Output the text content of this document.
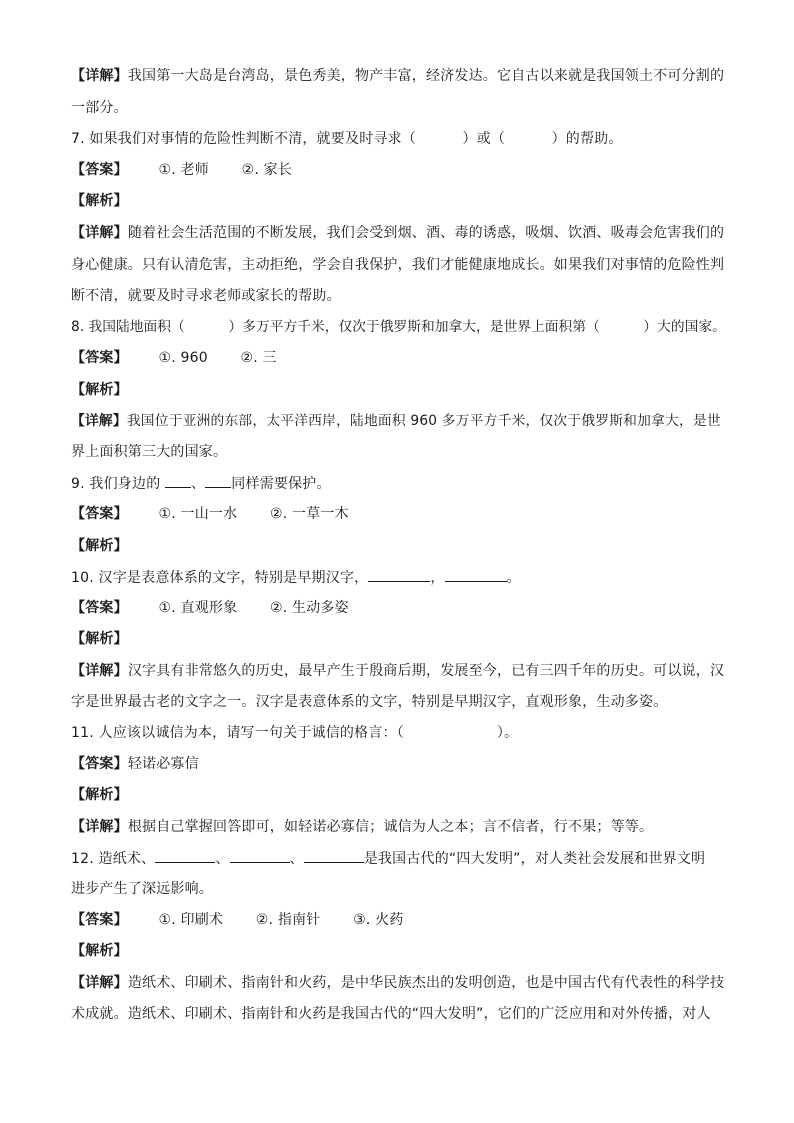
【详解】我国第一大岛是台湾岛，景色秀美，物产丰富，经济发达。它自古以来就是我国领土不可分割的
一部分。
7. 如果我们对事情的危险性判断不清，就要及时寻求（          ）或（          ）的帮助。
【答案】 ①. 老师 ②. 家长
【解析】
【详解】随着社会生活范围的不断发展，我们会受到烟、酒、毒的诱惑，吸烟、饮酒、吸毒会危害我们的
身心健康。只有认清危害，主动拒绝，学会自我保护，我们才能健康地成长。如果我们对事情的危险性判
断不清，就要及时寻求老师或家长的帮助。
8. 我国陆地面积（          ）多万平方千米，仅次于俄罗斯和加拿大，是世界上面积第（          ）大的国家。
【答案】 ①. 960 ②. 三
【解析】
【详解】我国位于亚洲的东部，太平洋西岸，陆地面积 960 多万平方千米，仅次于俄罗斯和加拿大，是世
界上面积第三大的国家。
9. 我们身边的 、 同样需要保护。
【答案】 ①. 一山一水 ②. 一草一木
【解析】
10. 汉字是表意体系的文字，特别是早期汉字，	，	。
【答案】 ①. 直观形象 ②. 生动多姿
【解析】
【详解】汉字具有非常悠久的历史，最早产生于殷商后期，发展至今，已有三四千年的历史。可以说，汉
字是世界最古老的文字之一。汉字是表意体系的文字，特别是早期汉字，直观形象，生动多姿。
11. 人应该以诚信为本，请写一句关于诚信的格言：（                    ）。
【答案】轻诺必寡信
【解析】
【详解】根据自己掌握回答即可，如轻诺必寡信；诚信为人之本；言不信者，行不果；等等。
12. 造纸术、	、	、	是我国古代的“四大发明”，对人类社会发展和世界文明
进步产生了深远影响。
【答案】 ①. 印刷术 ②. 指南针 ③. 火药
【解析】
【详解】造纸术、印刷术、指南针和火药，是中华民族杰出的发明创造，也是中国古代有代表性的科学技
术成就。造纸术、印刷术、指南针和火药是我国古代的“四大发明”，它们的广泛应用和对外传播，对人
